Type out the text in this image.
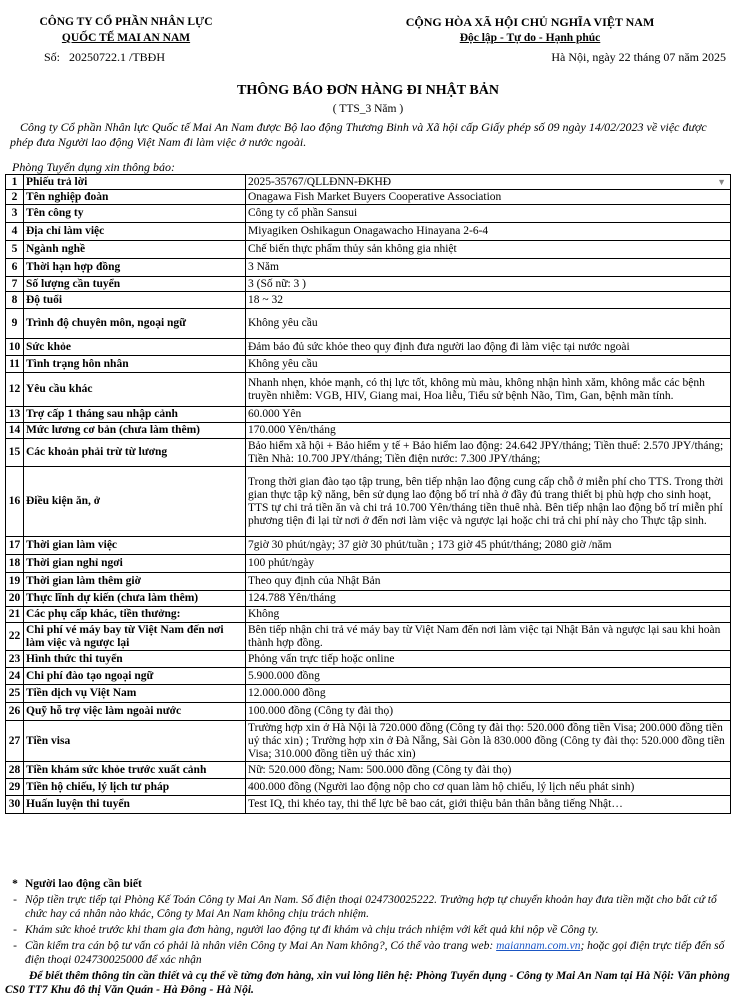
CÔNG TY CỔ PHẦN NHÂN LỰC
QUỐC TẾ MAI AN NAM
Số: 20250722.1 /TBĐH
CỘNG HÒA XÃ HỘI CHỦ NGHĨA VIỆT NAM
Độc lập - Tự do - Hạnh phúc
Hà Nội, ngày 22 tháng 07 năm 2025
THÔNG BÁO ĐƠN HÀNG ĐI NHẬT BẢN
( TTS_3 Năm )
Công ty Cổ phần Nhân lực Quốc tế Mai An Nam được Bộ lao động Thương Binh và Xã hội cấp Giấy phép số 09 ngày 14/02/2023 về việc được phép đưa Người lao động Việt Nam đi làm việc ở nước ngoài.
Phòng Tuyển dụng xin thông báo:
1	Phiếu trả lời	2025-35767/QLLĐNN-ĐKHĐ ▼

2	Tên nghiệp đoàn	Onagawa Fish Market Buyers Cooperative Association
3	Tên công ty	Công ty cổ phần Sansui
4	Địa chỉ làm việc	Miyagiken Oshikagun Onagawacho Hinayana 2-6-4
5	Ngành nghề	Chế biến thực phẩm thủy sản không gia nhiệt
6	Thời hạn hợp đồng	3 Năm
7	Số lượng cần tuyển	3 (Số nữ: 3 )
8	Độ tuổi	18 ~ 32
9	Trình độ chuyên môn, ngoại ngữ	Không yêu cầu
10	Sức khỏe	Đảm bảo đủ sức khỏe theo quy định đưa người lao động đi làm việc tại nước ngoài
11	Tình trạng hôn nhân	Không yêu cầu
12	Yêu cầu khác	Nhanh nhẹn, khỏe mạnh, có thị lực tốt, không mù màu, không nhận hình xăm, không mắc các bệnh truyền nhiễm: VGB, HIV, Giang mai, Hoa liễu, Tiểu sử bệnh Não, Tim, Gan, bệnh mãn tính.
13	Trợ cấp 1 tháng sau nhập cảnh	60.000 Yên
14	Mức lương cơ bản (chưa làm thêm)	170.000 Yên/tháng
15	Các khoản phải trừ từ lương	Bảo hiểm xã hội + Bảo hiểm y tế + Bảo hiểm lao động: 24.642 JPY/tháng; Tiền thuế: 2.570 JPY/tháng; Tiền Nhà: 10.700 JPY/tháng; Tiền điện nước: 7.300 JPY/tháng;
16	Điều kiện ăn, ở	Trong thời gian đào tạo tập trung, bên tiếp nhận lao động cung cấp chỗ ở miễn phí cho TTS. Trong thời gian thực tập kỹ năng, bên sử dụng lao động bố trí nhà ở đầy đủ trang thiết bị phù hợp cho sinh hoạt, TTS tự chi trả tiền ăn và chi trả 10.700 Yên/tháng tiền thuê nhà. Bên tiếp nhận lao động bố trí miễn phí phương tiện đi lại từ nơi ở đến nơi làm việc và ngược lại hoặc chi trả chi phí này cho Thực tập sinh.
17	Thời gian làm việc	7giờ 30 phút/ngày; 37 giờ 30 phút/tuần ; 173 giờ 45 phút/tháng; 2080 giờ /năm
18	Thời gian nghỉ ngơi	100 phút/ngày
19	Thời gian làm thêm giờ	Theo quy định của Nhật Bản
20	Thực lĩnh dự kiến (chưa làm thêm)	124.788 Yên/tháng
21	Các phụ cấp khác, tiền thưởng:	Không
22	Chi phí vé máy bay từ Việt Nam đến nơi làm việc và ngược lại	Bên tiếp nhận chi trả vé máy bay từ Việt Nam đến nơi làm việc tại Nhật Bản và ngược lại sau khi hoàn thành hợp đồng.
23	Hình thức thi tuyển	Phỏng vấn trực tiếp hoặc online
24	Chi phí đào tạo ngoại ngữ	5.900.000 đồng
25	Tiền dịch vụ Việt Nam	12.000.000 đồng
26	Quỹ hỗ trợ việc làm ngoài nước	100.000 đồng (Công ty đài thọ)
27	Tiền visa	Trường hợp xin ở Hà Nội là 720.000 đồng (Công ty đài thọ: 520.000 đồng tiền Visa; 200.000 đồng tiền uỷ thác xin) ; Trường hợp xin ở Đà Nẵng, Sài Gòn là 830.000 đồng (Công ty đài thọ: 520.000 đồng tiền Visa; 310.000 đồng tiền uỷ thác xin)
28	Tiền khám sức khỏe trước xuất cảnh	Nữ: 520.000 đồng; Nam: 500.000 đồng (Công ty đài thọ)
29	Tiền hộ chiếu, lý lịch tư pháp	400.000 đồng (Người lao động nộp cho cơ quan làm hộ chiếu, lý lịch nếu phát sinh)
30	Huấn luyện thi tuyển	Test IQ, thi khéo tay, thi thể lực bê bao cát, giới thiệu bản thân bằng tiếng Nhật…
* Người lao động cần biết
- Nộp tiền trực tiếp tại Phòng Kế Toán Công ty Mai An Nam. Số điện thoại 024730025222. Trường hợp tự chuyển khoản hay đưa tiền mặt cho bất cứ tổ chức hay cá nhân nào khác, Công ty Mai An Nam không chịu trách nhiệm.
- Khám sức khoẻ trước khi tham gia đơn hàng, người lao động tự đi khám và chịu trách nhiệm với kết quả khi nộp về Công ty.
- Cần kiểm tra cán bộ tư vấn có phải là nhân viên Công ty Mai An Nam không?, Có thể vào trang web: maiannam.com.vn; hoặc gọi điện trực tiếp đến số điện thoại 024730025000 để xác nhận
Để biết thêm thông tin cần thiết và cụ thể về từng đơn hàng, xin vui lòng liên hệ: Phòng Tuyển dụng - Công ty Mai An Nam tại Hà Nội: Văn phòng CS0 TT7 Khu đô thị Văn Quán - Hà Đông - Hà Nội.
